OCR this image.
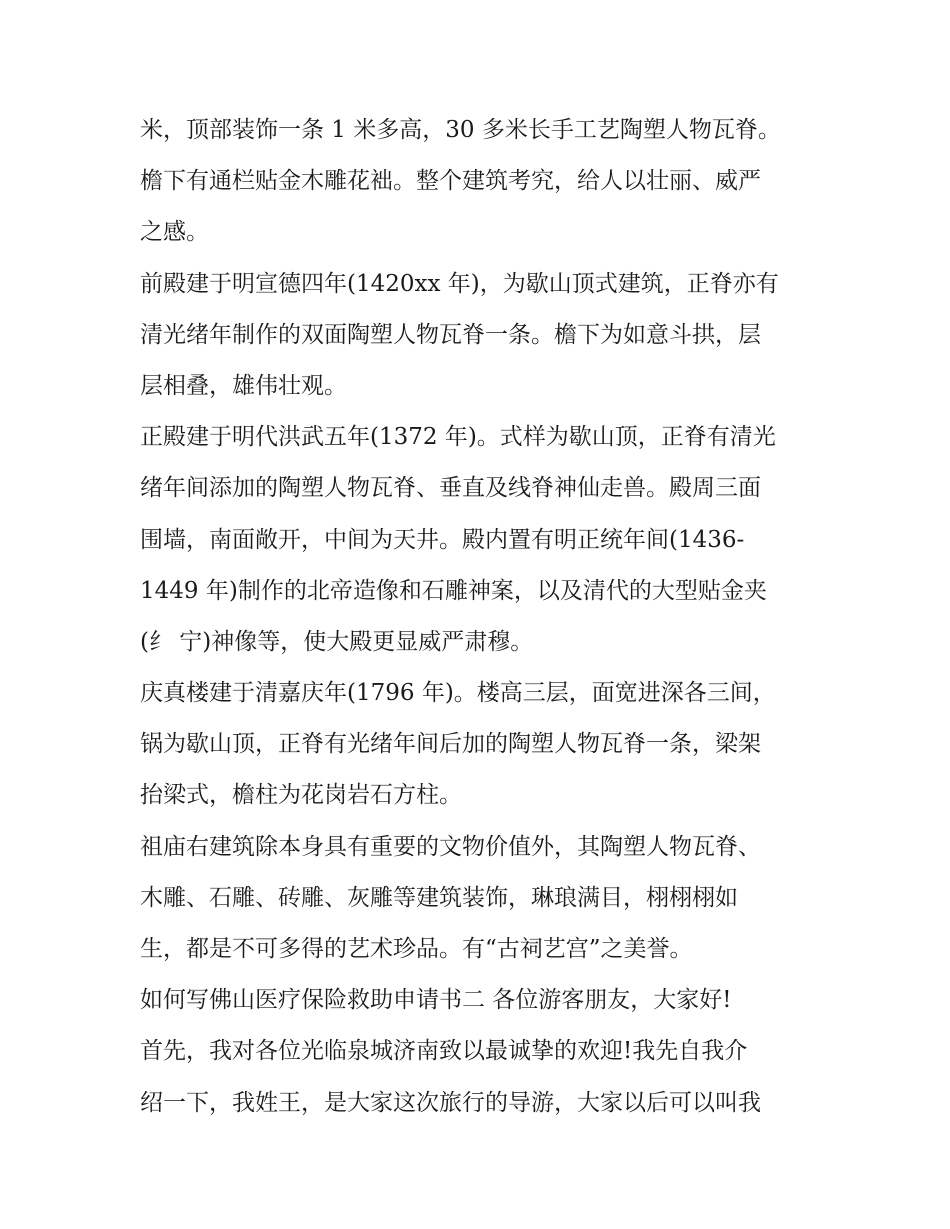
米，顶部装饰一条 1 米多高，30 多米长手工艺陶塑人物瓦脊。
檐下有通栏贴金木雕花袦。整个建筑考究，给人以壮丽、威严
之感。
前殿建于明宣德四年(1420xx 年)，为歇山顶式建筑，正脊亦有
清光绪年制作的双面陶塑人物瓦脊一条。檐下为如意斗拱，层
层相叠，雄伟壮观。
正殿建于明代洪武五年(1372 年)。式样为歇山顶，正脊有清光
绪年间添加的陶塑人物瓦脊、垂直及线脊神仙走兽。殿周三面
围墙，南面敞开，中间为天井。殿内置有明正统年间(1436-
1449 年)制作的北帝造像和石雕神案，以及清代的大型贴金夹
(纟 宁)神像等，使大殿更显威严肃穆。
庆真楼建于清嘉庆年(1796 年)。楼高三层，面宽进深各三间，
锅为歇山顶，正脊有光绪年间后加的陶塑人物瓦脊一条，梁架
抬梁式，檐柱为花岗岩石方柱。
祖庙右建筑除本身具有重要的文物价值外，其陶塑人物瓦脊、
木雕、石雕、砖雕、灰雕等建筑装饰，琳琅满目，栩栩栩如
生，都是不可多得的艺术珍品。有“古祠艺宫”之美誉。
如何写佛山医疗保险救助申请书二 各位游客朋友，大家好!
首先，我对各位光临泉城济南致以最诚挚的欢迎!我先自我介
绍一下，我姓王，是大家这次旅行的导游，大家以后可以叫我
